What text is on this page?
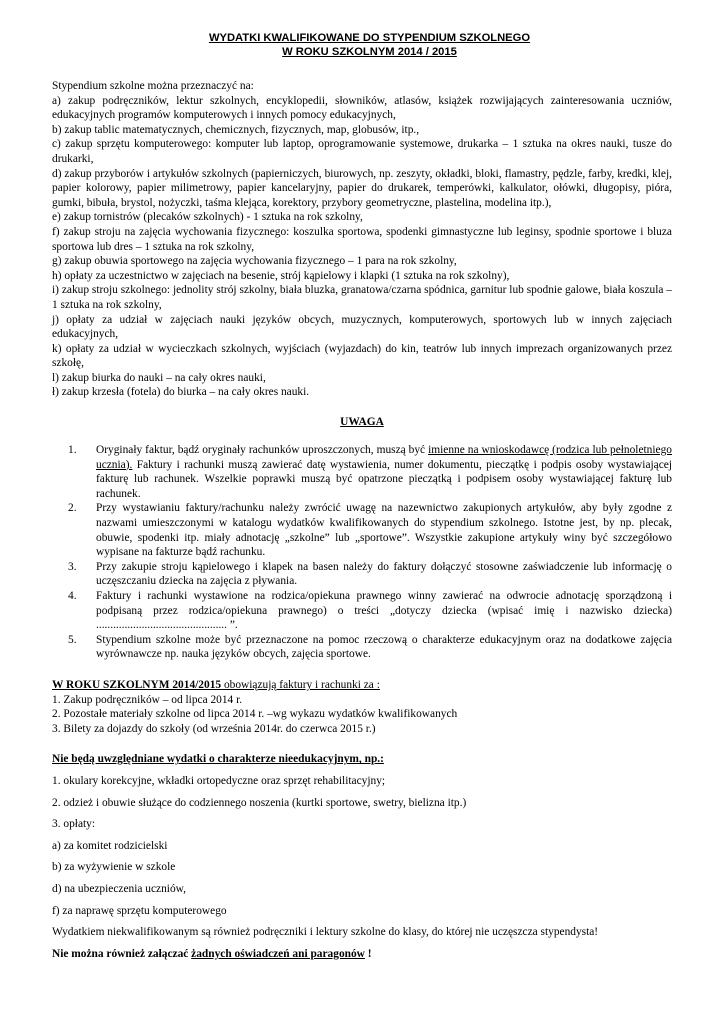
WYDATKI KWALIFIKOWANE DO STYPENDIUM SZKOLNEGO
W ROKU SZKOLNYM 2014 / 2015
Stypendium szkolne można przeznaczyć na:
a) zakup podręczników, lektur szkolnych, encyklopedii, słowników, atlasów, książek rozwijających zainteresowania uczniów, edukacyjnych programów komputerowych i innych pomocy edukacyjnych,
b) zakup tablic matematycznych, chemicznych, fizycznych, map, globusów, itp.,
c) zakup sprzętu komputerowego: komputer lub laptop, oprogramowanie systemowe, drukarka – 1 sztuka na okres nauki, tusze do drukarki,
d) zakup przyborów i artykułów szkolnych (papierniczych, biurowych, np. zeszyty, okładki, bloki, flamastry, pędzle, farby, kredki, klej, papier kolorowy, papier milimetrowy, papier kancelaryjny, papier do drukarek, temperówki, kalkulator, ołówki, długopisy, pióra, gumki, bibuła, brystol, nożyczki, taśma klejąca, korektory, przybory geometryczne, plastelina, modelina itp.),
e) zakup tornistrów (plecaków szkolnych) - 1 sztuka na rok szkolny,
f) zakup stroju na zajęcia wychowania fizycznego: koszulka sportowa, spodenki gimnastyczne lub leginsy, spodnie sportowe i bluza sportowa lub dres – 1 sztuka na rok szkolny,
g) zakup obuwia sportowego na zajęcia wychowania fizycznego – 1 para na rok szkolny,
h) opłaty za uczestnictwo w zajęciach na besenie, strój kąpielowy i klapki (1 sztuka na rok szkolny),
i) zakup stroju szkolnego: jednolity strój szkolny, biała bluzka, granatowa/czarna spódnica, garnitur lub spodnie galowe, biała koszula – 1 sztuka na rok szkolny,
j) opłaty za udział w zajęciach nauki języków obcych, muzycznych, komputerowych, sportowych lub w innych zajęciach edukacyjnych,
k) opłaty za udział w wycieczkach szkolnych, wyjściach (wyjazdach) do kin, teatrów lub innych imprezach organizowanych przez szkołę,
l) zakup biurka do nauki – na cały okres nauki,
ł) zakup krzesła (fotela) do biurka – na cały okres nauki.
UWAGA
1.	Oryginały faktur, bądź oryginały rachunków uproszczonych, muszą być imienne na wnioskodawcę (rodzica lub pełnoletniego ucznia). Faktury i rachunki muszą zawierać datę wystawienia, numer dokumentu, pieczątkę i podpis osoby wystawiającej fakturę lub rachunek. Wszelkie poprawki muszą być opatrzone pieczątką i podpisem osoby wystawiającej fakturę lub rachunek.
2.	Przy wystawianiu faktury/rachunku należy zwrócić uwagę na nazewnictwo zakupionych artykułów, aby były zgodne z nazwami umieszczonymi w katalogu wydatków kwalifikowanych do stypendium szkolnego. Istotne jest, by np. plecak, obuwie, spodenki itp. miały adnotację „szkolne” lub „sportowe”. Wszystkie zakupione artykuły winy być szczegółowo wypisane na fakturze bądź rachunku.
3.	Przy zakupie stroju kąpielowego i klapek na basen należy do faktury dołączyć stosowne zaświadczenie lub informację o uczęszczaniu dziecka na zajęcia z pływania.
4.	Faktury i rachunki wystawione na rodzica/opiekuna prawnego winny zawierać na odwrocie adnotację sporządzoną i podpisaną przez rodzica/opiekuna prawnego) o treści „dotyczy dziecka (wpisać imię i nazwisko dziecka) .............................................. ”.
5.	Stypendium szkolne może być przeznaczone na pomoc rzeczową o charakterze edukacyjnym oraz na dodatkowe zajęcia wyrównawcze np. nauka języków obcych, zajęcia sportowe.
W ROKU SZKOLNYM 2014/2015 obowiązują faktury i rachunki za :
1. Zakup podręczników – od lipca 2014 r.
2. Pozostałe materiały szkolne od lipca 2014 r. –wg wykazu wydatków kwalifikowanych
3. Bilety za dojazdy do szkoły (od września 2014r. do czerwca 2015 r.)
Nie będą uwzględniane wydatki o charakterze nieedukacyjnym, np.:

1. okulary korekcyjne, wkładki ortopedyczne oraz sprzęt rehabilitacyjny;

2. odzież i obuwie służące do codziennego noszenia (kurtki sportowe, swetry, bielizna itp.)

3. opłaty:

a) za komitet rodzicielski

b) za wyżywienie w szkole

d) na ubezpieczenia uczniów,

f) za naprawę sprzętu komputerowego

Wydatkiem niekwalifikowanym są również podręczniki i lektury szkolne do klasy, do której nie uczęszcza stypendysta!

Nie można również załączać żadnych oświadczeń ani paragonów !
